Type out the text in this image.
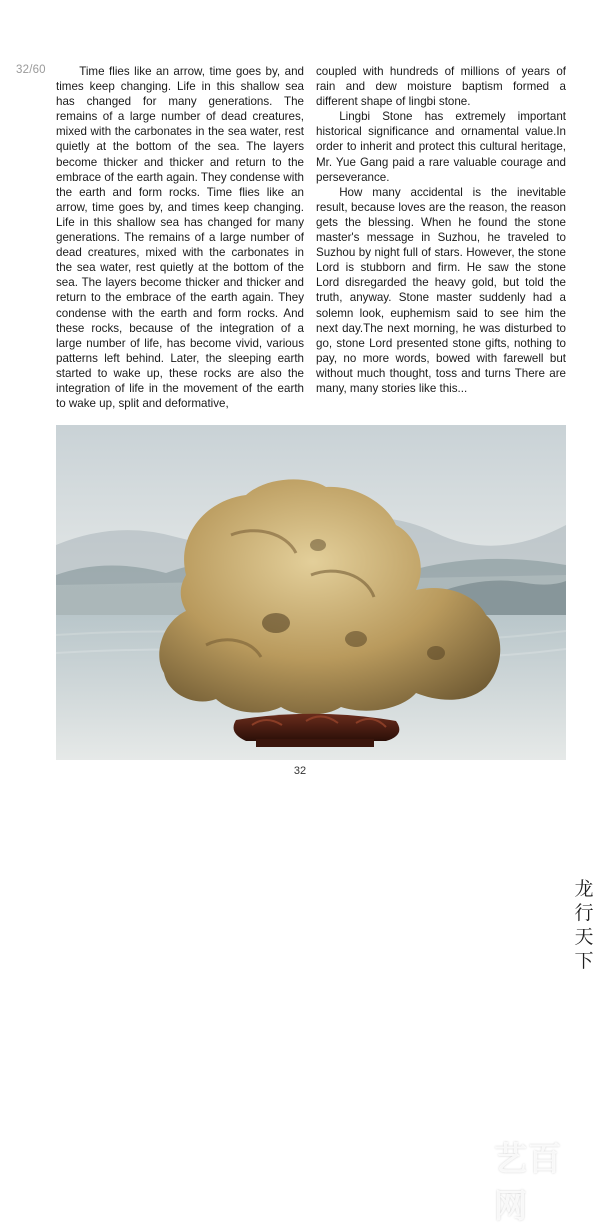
32/60	Time flies like an arrow, time goes by, and times keep changing. Life in this shallow sea has changed for many generations. The remains of a large number of dead creatures, mixed with the carbonates in the sea water, rest quietly at the bottom of the sea. The layers become thicker and thicker and return to the embrace of the earth again. They condense with the earth and form rocks. Time flies like an arrow, time goes by, and times keep changing. Life in this shallow sea has changed for many generations. The remains of a large number of dead creatures, mixed with the carbonates in the sea water, rest quietly at the bottom of the sea. The layers become thicker and thicker and return to the embrace of the earth again. They condense with the earth and form rocks. And these rocks, because of the integration of a large number of life, has become vivid, various patterns left behind. Later, the sleeping earth started to wake up, these rocks are also the integration of life in the movement of the earth to wake up, split and deformative,

coupled with hundreds of millions of years of rain and dew moisture baptism formed a different shape of lingbi stone.

Lingbi Stone has extremely important historical significance and ornamental value.In order to inherit and protect this cultural heritage, Mr. Yue Gang paid a rare valuable courage and perseverance.

How many accidental is the inevitable result, because loves are the reason, the reason gets the blessing. When he found the stone master's message in Suzhou, he traveled to Suzhou by night full of stars. However, the stone Lord is stubborn and firm. He saw the stone Lord disregarded the heavy gold, but told the truth, anyway. Stone master suddenly had a solemn look, euphemism said to see him the next day.The next morning, he was disturbed to go, stone Lord presented stone gifts, nothing to pay, no more words, bowed with farewell but without much thought, toss and turns There are many, many stories like this...

龙行天下
艺百网
32
